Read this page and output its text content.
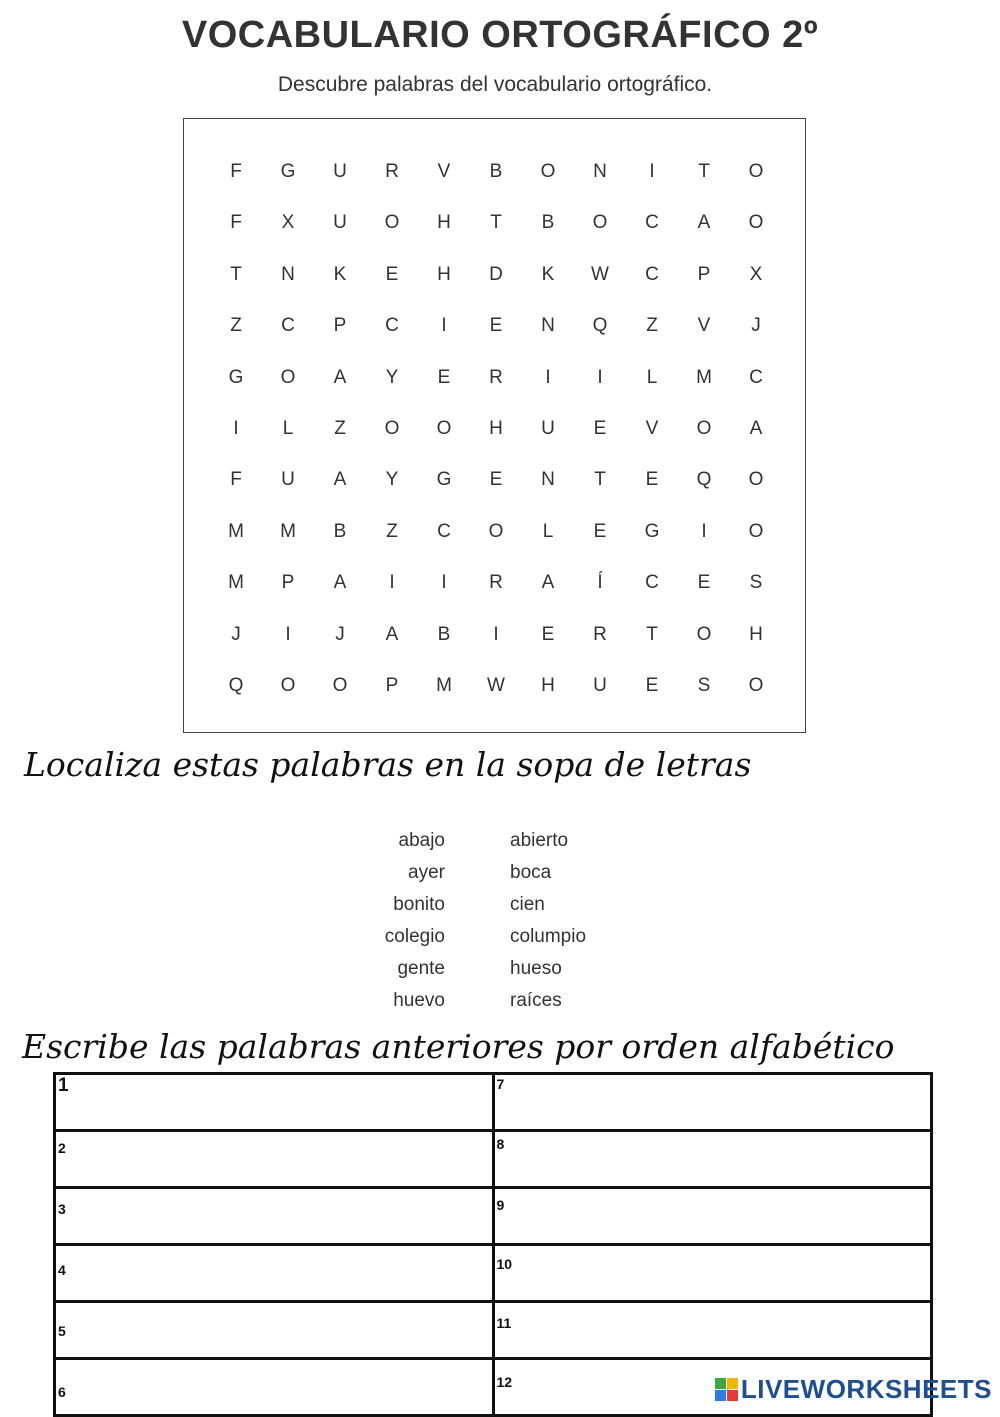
VOCABULARIO ORTOGRÁFICO 2º
Descubre palabras del vocabulario ortográfico.
F	G	U	R	V	B	O	N	I	T	O
F	X	U	O	H	T	B	O	C	A	O
T	N	K	E	H	D	K	W	C	P	X
Z	C	P	C	I	E	N	Q	Z	V	J
G	O	A	Y	E	R	I	I	L	M	C
I	L	Z	O	O	H	U	E	V	O	A
F	U	A	Y	G	E	N	T	E	Q	O
M	M	B	Z	C	O	L	E	G	I	O
M	P	A	I	I	R	A	Í	C	E	S
J	I	J	A	B	I	E	R	T	O	H
Q	O	O	P	M	W	H	U	E	S	O
Localiza estas palabras en la sopa de letras
abajo
ayer
bonito
colegio
gente
huevo
abierto
boca
cien
columpio
hueso
raíces
Escribe las palabras anteriores por orden alfabético
1	7

2	8

3	9

4	10

5	11

6	12	LIVEWORKSHEETS
